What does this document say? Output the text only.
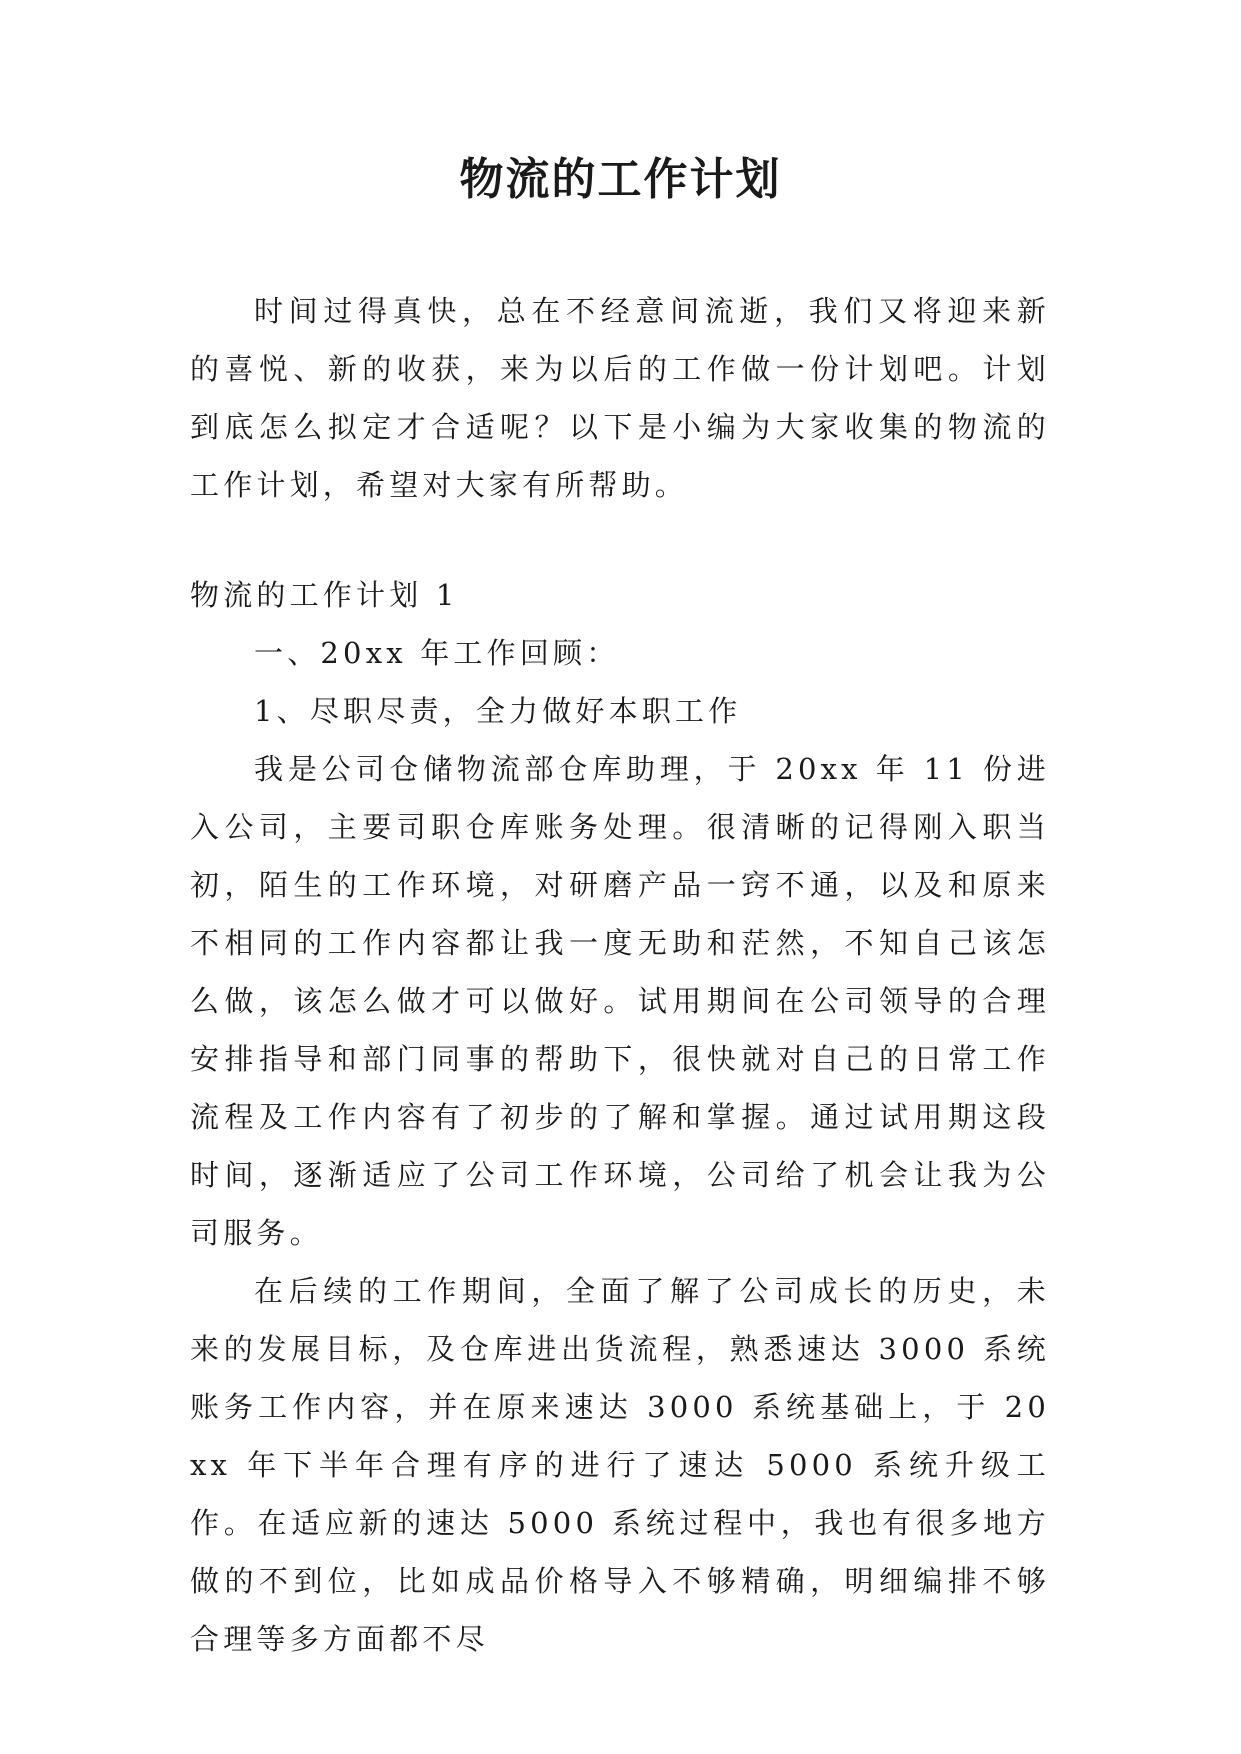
物流的工作计划

时间过得真快，总在不经意间流逝，我们又将迎来新的喜悦、新的收获，来为以后的工作做一份计划吧。计划到底怎么拟定才合适呢？以下是小编为大家收集的物流的工作计划，希望对大家有所帮助。

物流的工作计划 1

一、20xx 年工作回顾：

1、尽职尽责，全力做好本职工作

我是公司仓储物流部仓库助理，于 20xx 年 11 份进入公司，主要司职仓库账务处理。很清晰的记得刚入职当初，陌生的工作环境，对研磨产品一窍不通，以及和原来不相同的工作内容都让我一度无助和茫然，不知自己该怎么做，该怎么做才可以做好。试用期间在公司领导的合理安排指导和部门同事的帮助下，很快就对自己的日常工作流程及工作内容有了初步的了解和掌握。通过试用期这段时间，逐渐适应了公司工作环境，公司给了机会让我为公司服务。

在后续的工作期间，全面了解了公司成长的历史，未来的发展目标，及仓库进出货流程，熟悉速达 3000 系统账务工作内容，并在原来速达 3000 系统基础上，于 20xx 年下半年合理有序的进行了速达 5000 系统升级工作。在适应新的速达 5000 系统过程中，我也有很多地方做的不到位，比如成品价格导入不够精确，明细编排不够合理等多方面都不尽
